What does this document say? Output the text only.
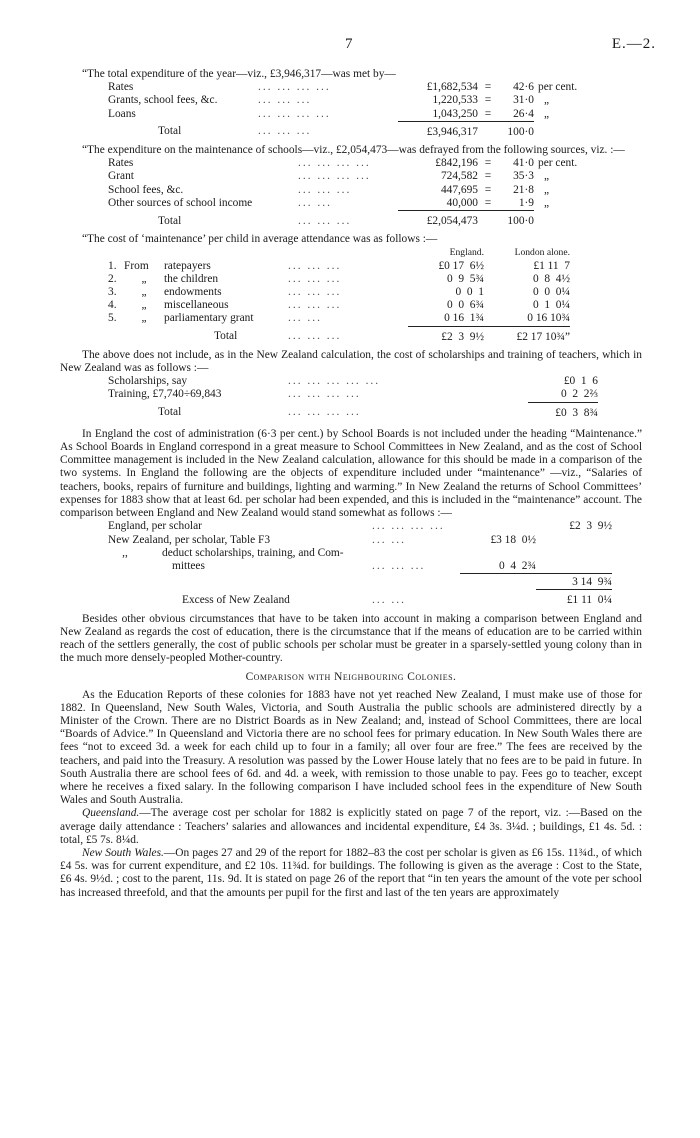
7	E.—2.

“The total expenditure of the year—viz., £3,946,317—was met by—

Rates	... ... ... ...	£1,682,534	=	42·6	per cent.
Grants, school fees, &c.	... ... ...	1,220,533	=	31·0	„
Loans	... ... ... ...	1,043,250	=	26·4	„
Total	... ... ...	£3,946,317		100·0	

“The expenditure on the maintenance of schools—viz., £2,054,473—was defrayed from the following sources, viz. :—

Rates	... ... ... ...	£842,196	=	41·0	per cent.
Grant	... ... ... ...	724,582	=	35·3	„
School fees, &c.	... ... ...	447,695	=	21·8	„
Other sources of school income	... ...	40,000	=	1·9	„
Total	... ... ...	£2,054,473		100·0	

“The cost of ‘maintenance’ per child in average attendance was as follows :—

				England.	London alone.
1.	From	ratepayers	... ... ...	£0 17  6½	£1 11  7
2.	„	the children	... ... ...	0  9  5¾	0  8  4½
3.	„	endowments	... ... ...	0  0  1	0  0  0¼
4.	„	miscellaneous	... ... ...	0  0  6¾	0  1  0¼
5.	„	parliamentary grant	... ...	0 16  1¾	0 16 10¾
		Total	... ... ...	£2  3  9½	£2 17 10¾”

The above does not include, as in the New Zealand calculation, the cost of scholarships and training of teachers, which in New Zealand was as follows :—

Scholarships, say	... ... ... ... ...	£0  1  6
Training, £7,740÷69,843	... ... ... ...	0  2  2⅔
Total	... ... ... ...	£0  3  8¾

In England the cost of administration (6·3 per cent.) by School Boards is not included under the heading “Maintenance.” As School Boards in England correspond in a great measure to School Committees in New Zealand, and as the cost of School Committee management is included in the New Zealand calculation, allowance for this should be made in a comparison of the two systems. In England the following are the objects of expenditure included under “maintenance” —viz., “Salaries of teachers, books, repairs of furniture and buildings, lighting and warming.” In New Zealand the returns of School Committees’ expenses for 1883 show that at least 6d. per scholar had been expended, and this is included in the “maintenance” account. The comparison between England and New Zealand would stand somewhat as follows :—

England, per scholar		... ... ... ...		£2  3  9½
New Zealand, per scholar, Table F3		... ...	£3 18  0½	
,,	deduct scholarships, training, and Com-			
	mittees	... ... ...	0  4  2¾	
				3 14  9¾
	Excess of New Zealand	... ...		£1 11  0¼

Besides other obvious circumstances that have to be taken into account in making a comparison between England and New Zealand as regards the cost of education, there is the circumstance that if the means of education are to be carried within reach of the settlers generally, the cost of public schools per scholar must be greater in a sparsely-settled young colony than in the much more densely-peopled Mother-country.

Comparison with Neighbouring Colonies.

As the Education Reports of these colonies for 1883 have not yet reached New Zealand, I must make use of those for 1882. In Queensland, New South Wales, Victoria, and South Australia the public schools are administered directly by a Minister of the Crown. There are no District Boards as in New Zealand; and, instead of School Committees, there are local “Boards of Advice.” In Queensland and Victoria there are no school fees for primary education. In New South Wales there are fees “not to exceed 3d. a week for each child up to four in a family; all over four are free.” The fees are received by the teachers, and paid into the Treasury. A resolution was passed by the Lower House lately that no fees are to be paid in future. In South Australia there are school fees of 6d. and 4d. a week, with remission to those unable to pay. Fees go to teacher, except where he receives a fixed salary. In the following comparison I have included school fees in the expenditure of New South Wales and South Australia.

Queensland.—The average cost per scholar for 1882 is explicitly stated on page 7 of the report, viz. :—Based on the average daily attendance : Teachers’ salaries and allowances and incidental expenditure, £4 3s. 3¼d. ; buildings, £1 4s. 5d. : total, £5 7s. 8¼d.

New South Wales.—On pages 27 and 29 of the report for 1882–83 the cost per scholar is given as £6 15s. 11¾d., of which £4 5s. was for current expenditure, and £2 10s. 11¾d. for buildings. The following is given as the average : Cost to the State, £6 4s. 9½d. ; cost to the parent, 11s. 9d. It is stated on page 26 of the report that “in ten years the amount of the vote per school has increased threefold, and that the amounts per pupil for the first and last of the ten years are approximately
